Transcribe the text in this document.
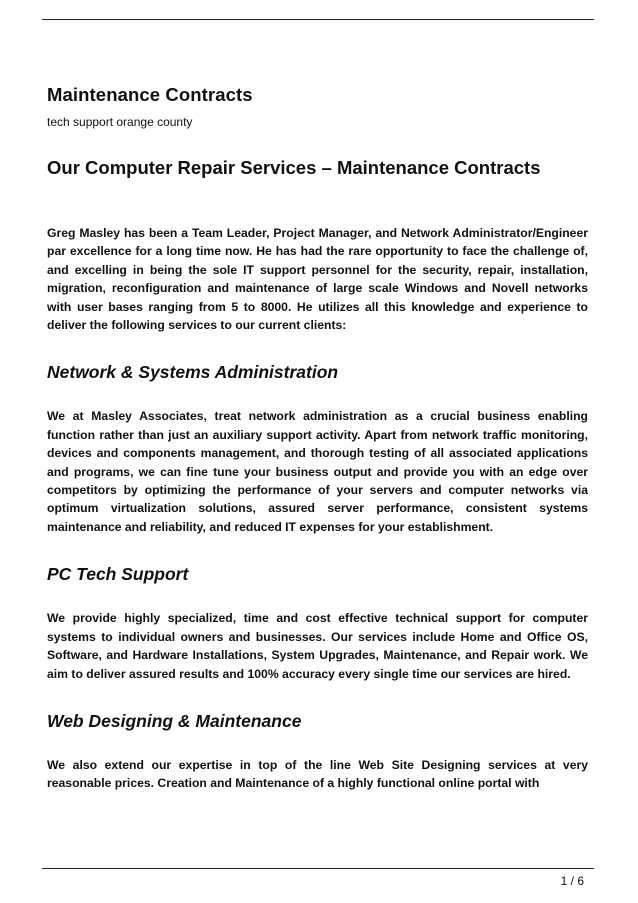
Maintenance Contracts

tech support orange county

Our Computer Repair Services – Maintenance Contracts

Greg Masley has been a Team Leader, Project Manager, and Network Administrator/Engineer par excellence for a long time now. He has had the rare opportunity to face the challenge of, and excelling in being the sole IT support personnel for the security, repair, installation, migration, reconfiguration and maintenance of large scale Windows and Novell networks with user bases ranging from 5 to 8000. He utilizes all this knowledge and experience to deliver the following services to our current clients:

Network & Systems Administration

We at Masley Associates, treat network administration as a crucial business enabling function rather than just an auxiliary support activity. Apart from network traffic monitoring, devices and components management, and thorough testing of all associated applications and programs, we can fine tune your business output and provide you with an edge over competitors by optimizing the performance of your servers and computer networks via optimum virtualization solutions, assured server performance, consistent systems maintenance and reliability, and reduced IT expenses for your establishment.

PC Tech Support

We provide highly specialized, time and cost effective technical support for computer systems to individual owners and businesses. Our services include Home and Office OS, Software, and Hardware Installations, System Upgrades, Maintenance, and Repair work. We aim to deliver assured results and 100% accuracy every single time our services are hired.

Web Designing & Maintenance

We also extend our expertise in top of the line Web Site Designing services at very reasonable prices. Creation and Maintenance of a highly functional online portal with

1 / 6
